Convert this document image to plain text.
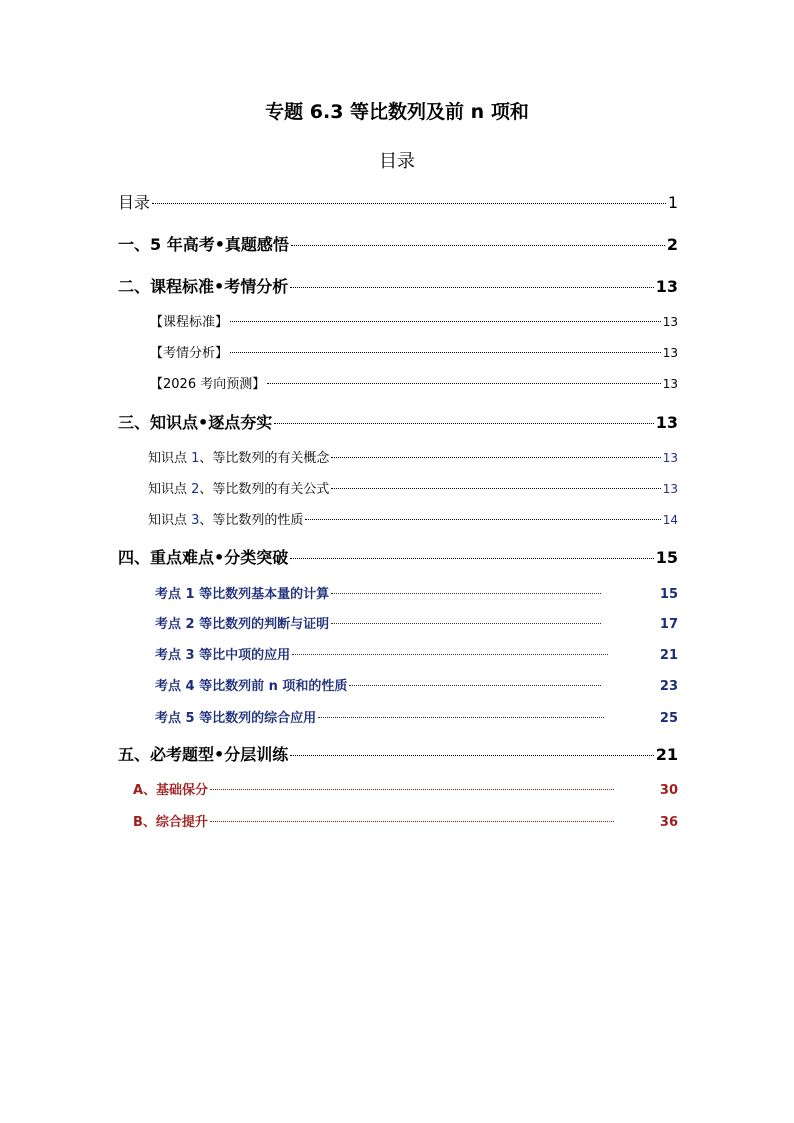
专题 6.3 等比数列及前 n 项和
目录
目录	1
一、5 年高考•真题感悟	2
二、课程标准•考情分析	13
【课程标准】	13
【考情分析】	13
【2026 考向预测】	13
三、知识点•逐点夯实	13
知识点 1、等比数列的有关概念	13
知识点 2、等比数列的有关公式	13
知识点 3、等比数列的性质	14
四、重点难点•分类突破	15
考点 1 等比数列基本量的计算	15
考点 2 等比数列的判断与证明	17
考点 3 等比中项的应用	21
考点 4 等比数列前 n 项和的性质	23
考点 5 等比数列的综合应用	25
五、必考题型•分层训练	21
A、基础保分	30
B、综合提升	36
